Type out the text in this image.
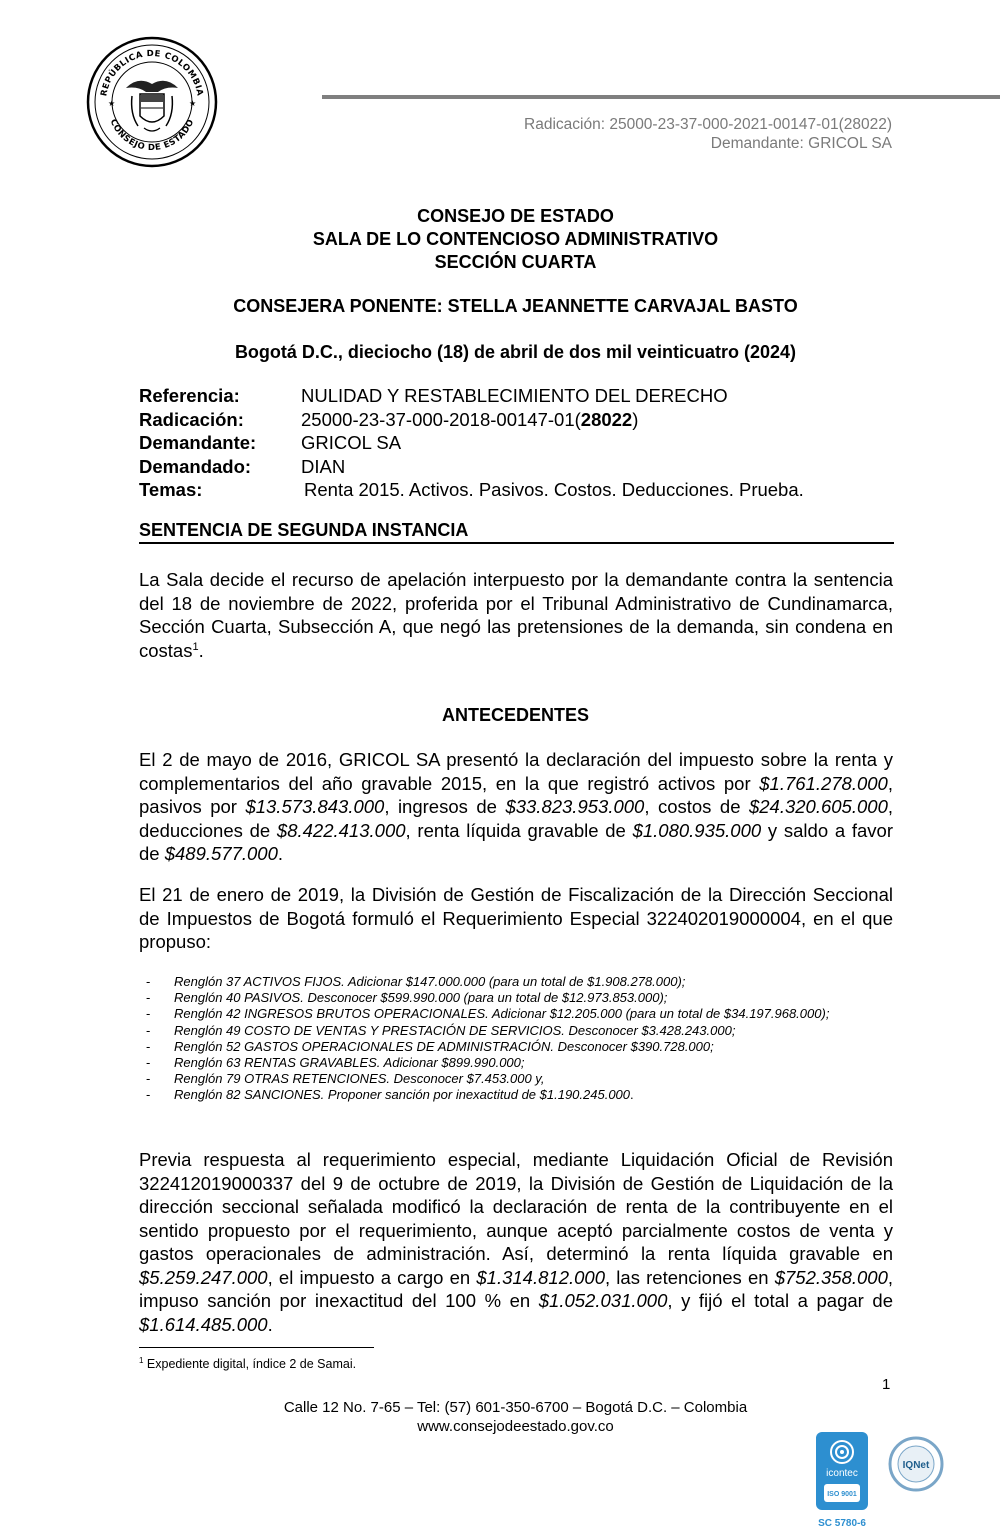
REPÚBLICA DE COLOMBIA
CONSEJO DE ESTADO
★	★
Radicación: 25000-23-37-000-2021-00147-01(28022)
Demandante: GRICOL SA
CONSEJO DE ESTADO
SALA DE LO CONTENCIOSO ADMINISTRATIVO
SECCIÓN CUARTA
CONSEJERA PONENTE: STELLA JEANNETTE CARVAJAL BASTO
Bogotá D.C., dieciocho (18) de abril de dos mil veinticuatro (2024)
Referencia:	NULIDAD Y RESTABLECIMIENTO DEL DERECHO
Radicación:	25000-23-37-000-2018-00147-01(28022)
Demandante:	GRICOL SA
Demandado:	DIAN
Temas:	Renta 2015. Activos. Pasivos. Costos. Deducciones. Prueba.
SENTENCIA DE SEGUNDA INSTANCIA
La Sala decide el recurso de apelación interpuesto por la demandante contra la sentencia del 18 de noviembre de 2022, proferida por el Tribunal Administrativo de Cundinamarca, Sección Cuarta, Subsección A, que negó las pretensiones de la demanda, sin condena en costas$^1$.
ANTECEDENTES
El 2 de mayo de 2016, GRICOL SA presentó la declaración del impuesto sobre la renta y complementarios del año gravable 2015, en la que registró activos por $1.761.278.000, pasivos por $13.573.843.000, ingresos de $33.823.953.000, costos de $24.320.605.000, deducciones de $8.422.413.000, renta líquida gravable de $1.080.935.000 y saldo a favor de $489.577.000.
El 21 de enero de 2019, la División de Gestión de Fiscalización de la Dirección Seccional de Impuestos de Bogotá formuló el Requerimiento Especial 322402019000004, en el que propuso:
-	Renglón 37 ACTIVOS FIJOS. Adicionar $147.000.000 (para un total de $1.908.278.000);
-	Renglón 40 PASIVOS. Desconocer $599.990.000 (para un total de $12.973.853.000);
-	Renglón 42 INGRESOS BRUTOS OPERACIONALES. Adicionar $12.205.000 (para un total de $34.197.968.000);
-	Renglón 49 COSTO DE VENTAS Y PRESTACIÓN DE SERVICIOS. Desconocer $3.428.243.000;
-	Renglón 52 GASTOS OPERACIONALES DE ADMINISTRACIÓN. Desconocer $390.728.000;
-	Renglón 63 RENTAS GRAVABLES. Adicionar $899.990.000;
-	Renglón 79 OTRAS RETENCIONES. Desconocer $7.453.000 y,
-	Renglón 82 SANCIONES. Proponer sanción por inexactitud de $1.190.245.000.
Previa respuesta al requerimiento especial, mediante Liquidación Oficial de Revisión 322412019000337 del 9 de octubre de 2019, la División de Gestión de Liquidación de la dirección seccional señalada modificó la declaración de renta de la contribuyente en el sentido propuesto por el requerimiento, aunque aceptó parcialmente costos de venta y gastos operacionales de administración. Así, determinó la renta líquida gravable en $5.259.247.000, el impuesto a cargo en $1.314.812.000, las retenciones en $752.358.000, impuso sanción por inexactitud del 100 % en $1.052.031.000, y fijó el total a pagar de $1.614.485.000.
$^1$ Expediente digital, índice 2 de Samai.
1
Calle 12 No. 7-65 – Tel: (57) 601-350-6700 – Bogotá D.C. – Colombia
www.consejodeestado.gov.co
icontec
ISO 9001
SC 5780-6
IQNet
